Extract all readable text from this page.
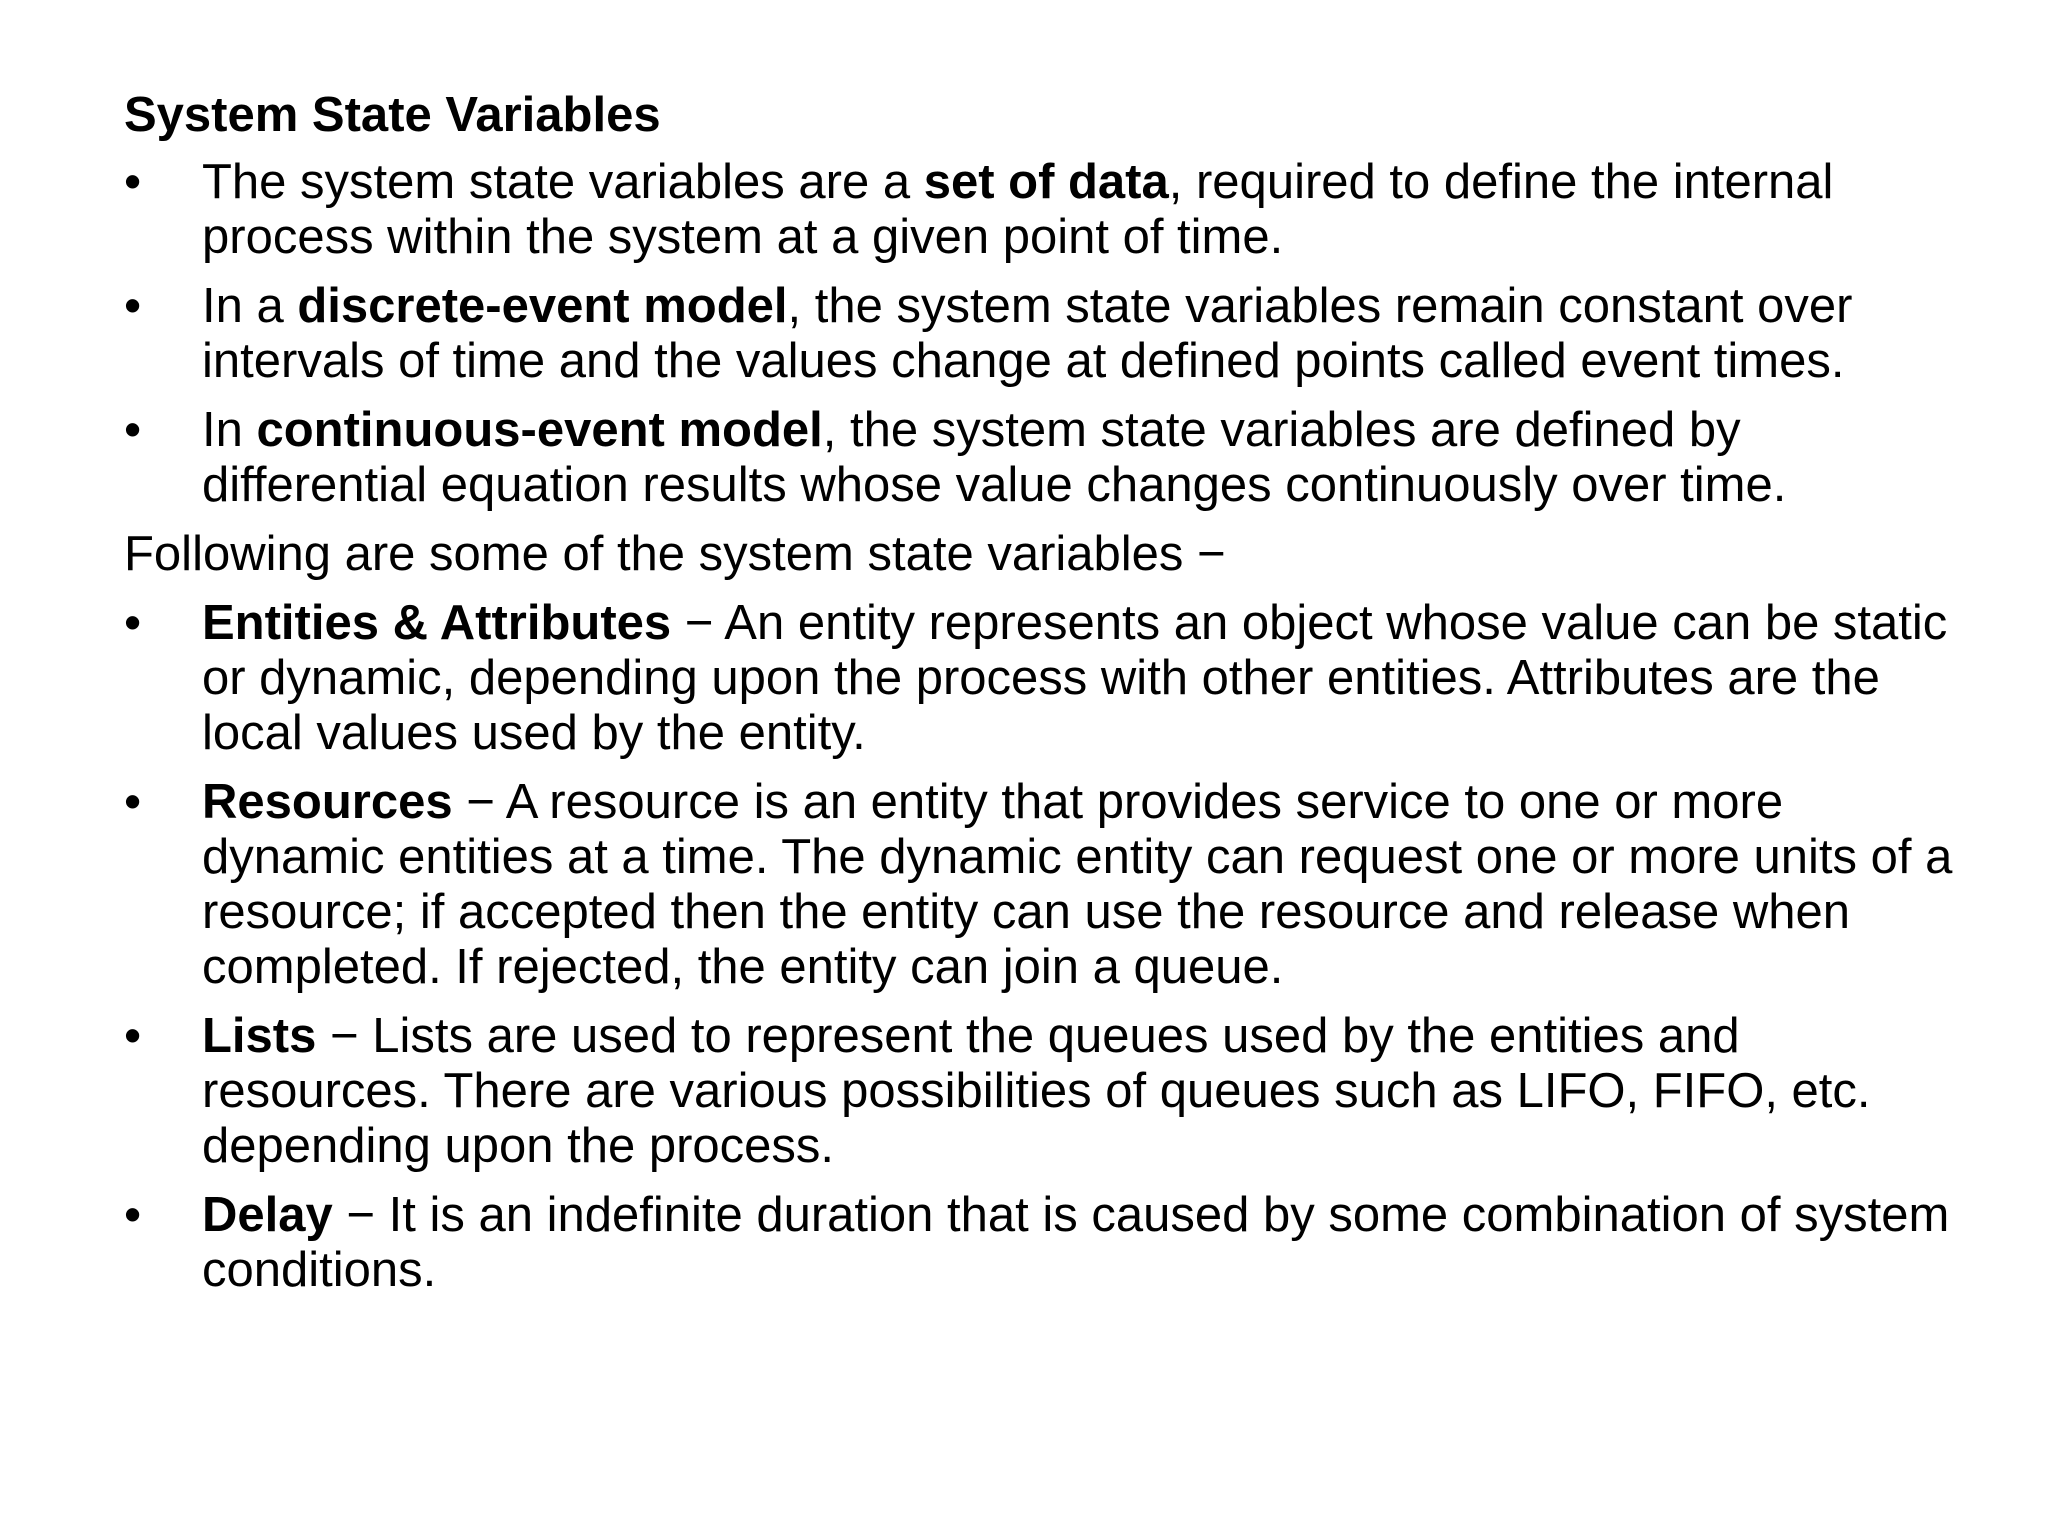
System State Variables
•	The system state variables are a set of data, required to define the internal process within the system at a given point of time.
•	In a discrete-event model, the system state variables remain constant over intervals of time and the values change at defined points called event times.
•	In continuous-event model, the system state variables are defined by differential equation results whose value changes continuously over time.
Following are some of the system state variables −
•	Entities & Attributes − An entity represents an object whose value can be static or dynamic, depending upon the process with other entities. Attributes are the local values used by the entity.
•	Resources − A resource is an entity that provides service to one or more dynamic entities at a time. The dynamic entity can request one or more units of a resource; if accepted then the entity can use the resource and release when completed. If rejected, the entity can join a queue.
•	Lists − Lists are used to represent the queues used by the entities and resources. There are various possibilities of queues such as LIFO, FIFO, etc. depending upon the process.
•	Delay − It is an indefinite duration that is caused by some combination of system conditions.
